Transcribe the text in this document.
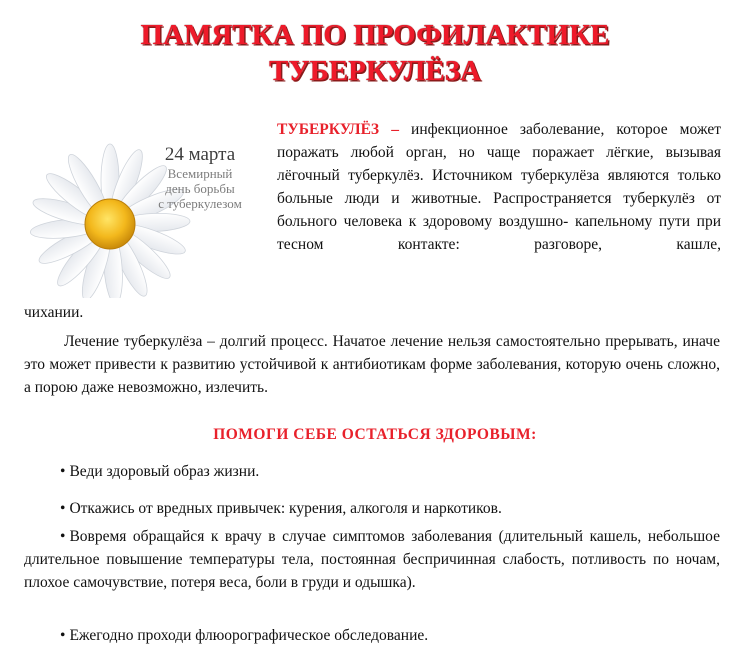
ПАМЯТКА ПО ПРОФИЛАКТИКЕ
ТУБЕРКУЛЁЗА
24 марта
Всемирный
день борьбы
с туберкулезом
ТУБЕРКУЛЁЗ – инфекционное заболевание, которое может поражать любой орган, но чаще поражает лёгкие, вызывая лёгочный туберкулёз. Источником туберкулёза являются только больные люди и животные. Распространяется туберкулёз от больного человека к здоровому воздушно- капельному пути при тесном контакте: разговоре, кашле,
чихании.
Лечение туберкулёза – долгий процесс. Начатое лечение нельзя самостоятельно прерывать, иначе это может привести к развитию устойчивой к антибиотикам форме заболевания, которую очень сложно, а порою даже невозможно, излечить.
ПОМОГИ СЕБЕ ОСТАТЬСЯ ЗДОРОВЫМ:
• Веди здоровый образ жизни.
• Откажись от вредных привычек: курения, алкоголя и наркотиков.
• Вовремя обращайся к врачу в случае симптомов заболевания (длительный кашель, небольшое длительное повышение температуры тела, постоянная беспричинная слабость, потливость по ночам, плохое самочувствие, потеря веса, боли в груди и одышка).
• Ежегодно проходи флюорографическое обследование.
